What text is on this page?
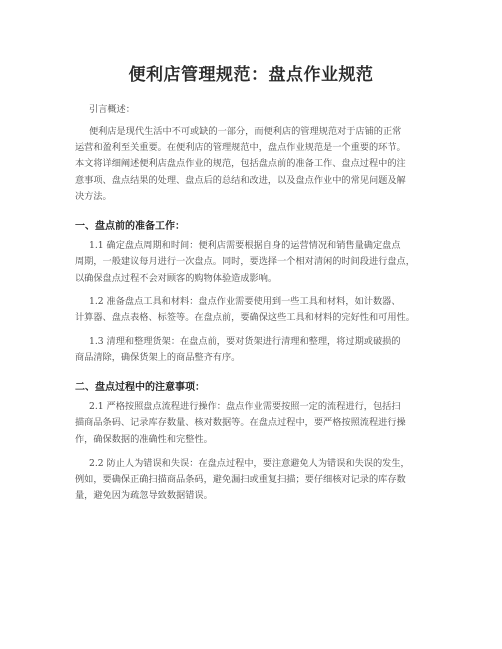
便利店管理规范：盘点作业规范
引言概述：
便利店是现代生活中不可或缺的一部分，而便利店的管理规范对于店铺的正常
运营和盈利至关重要。在便利店的管理规范中，盘点作业规范是一个重要的环节。
本文将详细阐述便利店盘点作业的规范，包括盘点前的准备工作、盘点过程中的注
意事项、盘点结果的处理、盘点后的总结和改进，以及盘点作业中的常见问题及解
决方法。
一、盘点前的准备工作：
1.1 确定盘点周期和时间：便利店需要根据自身的运营情况和销售量确定盘点
周期，一般建议每月进行一次盘点。同时，要选择一个相对清闲的时间段进行盘点，
以确保盘点过程不会对顾客的购物体验造成影响。
1.2 准备盘点工具和材料：盘点作业需要使用到一些工具和材料，如计数器、
计算器、盘点表格、标签等。在盘点前，要确保这些工具和材料的完好性和可用性。
1.3 清理和整理货架：在盘点前，要对货架进行清理和整理，将过期或破损的
商品清除，确保货架上的商品整齐有序。
二、盘点过程中的注意事项：
2.1 严格按照盘点流程进行操作：盘点作业需要按照一定的流程进行，包括扫
描商品条码、记录库存数量、核对数据等。在盘点过程中，要严格按照流程进行操
作，确保数据的准确性和完整性。
2.2 防止人为错误和失误：在盘点过程中，要注意避免人为错误和失误的发生，
例如，要确保正确扫描商品条码，避免漏扫或重复扫描；要仔细核对记录的库存数
量，避免因为疏忽导致数据错误。
